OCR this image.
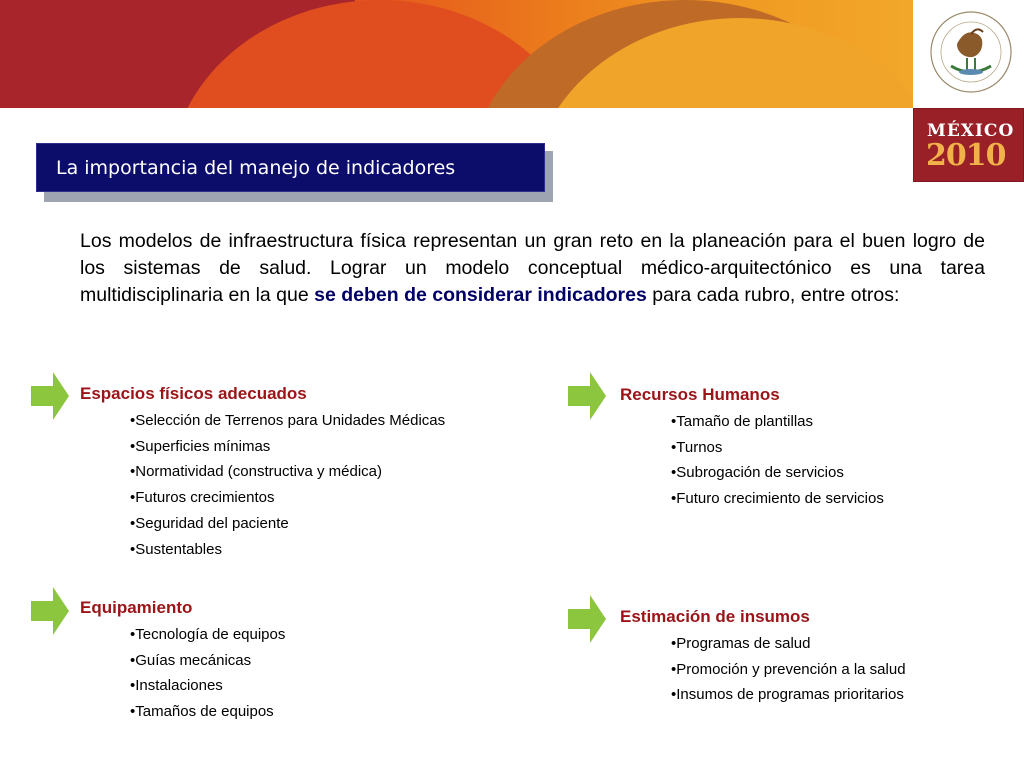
MÉXICO
2010
La importancia del manejo de indicadores
Los modelos de infraestructura física representan un gran reto en la planeación para el buen logro de los sistemas de salud. Lograr un modelo conceptual médico-arquitectónico es una tarea multidisciplinaria en la que se deben de considerar indicadores para cada rubro, entre otros:
Espacios físicos adecuados
•Selección de Terrenos para Unidades Médicas
•Superficies mínimas
•Normatividad (constructiva y médica)
•Futuros crecimientos
•Seguridad del paciente
•Sustentables
Recursos Humanos
•Tamaño de plantillas
•Turnos
•Subrogación de servicios
•Futuro crecimiento de servicios
Equipamiento
•Tecnología de equipos
•Guías mecánicas
•Instalaciones
•Tamaños de equipos
Estimación de insumos
•Programas de salud
•Promoción y prevención a la salud
•Insumos de programas prioritarios
